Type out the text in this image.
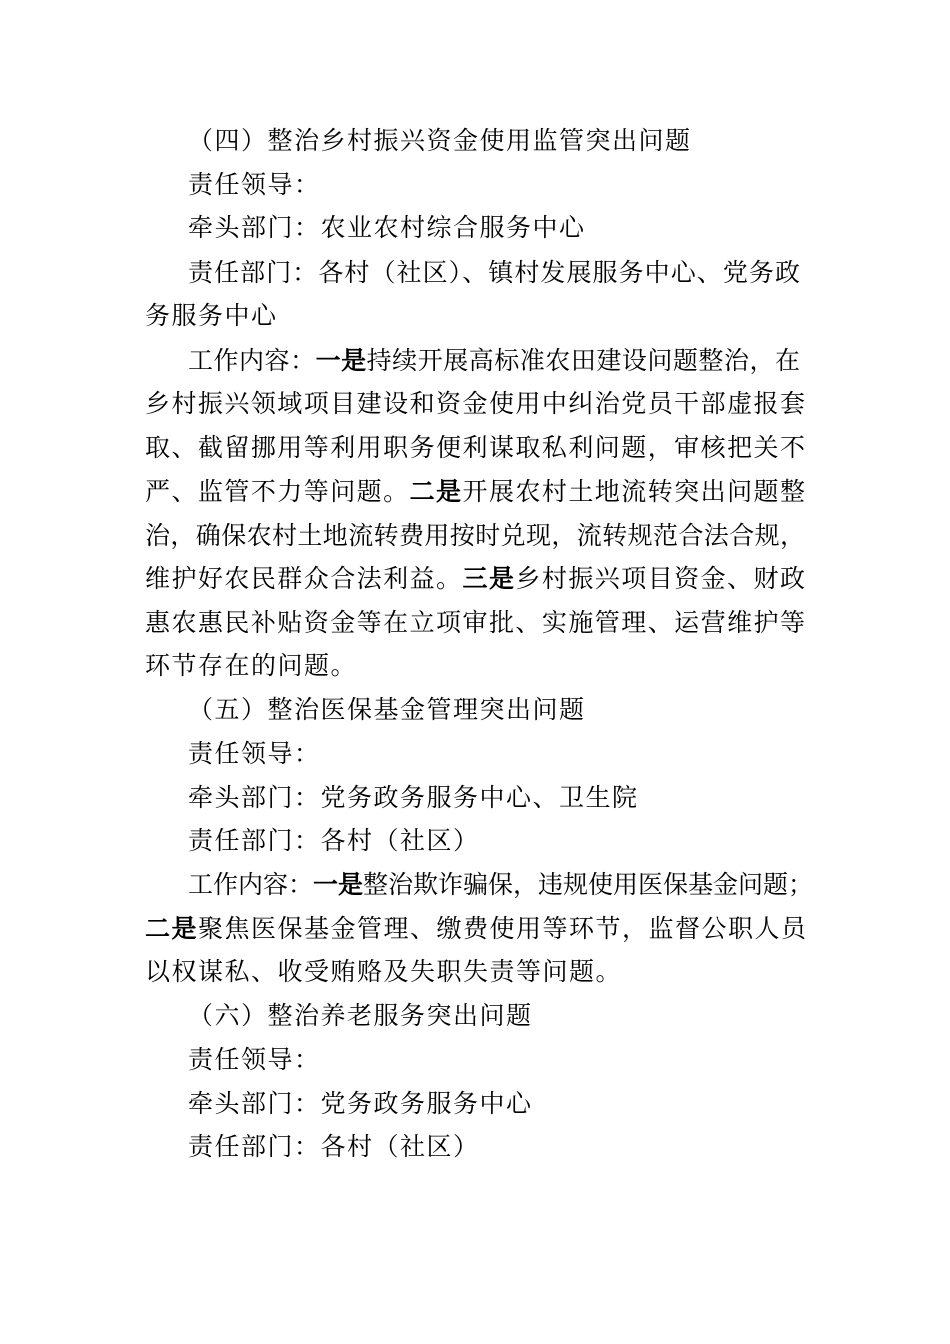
（四）整治乡村振兴资金使用监管突出问题
责任领导：
牵头部门：农业农村综合服务中心
责任部门：各村（社区）、镇村发展服务中心、党务政
务服务中心
工作内容：一是持续开展高标准农田建设问题整治，在
乡村振兴领域项目建设和资金使用中纠治党员干部虚报套
取、截留挪用等利用职务便利谋取私利问题，审核把关不
严、监管不力等问题。二是开展农村土地流转突出问题整
治，确保农村土地流转费用按时兑现，流转规范合法合规，
维护好农民群众合法利益。三是乡村振兴项目资金、财政
惠农惠民补贴资金等在立项审批、实施管理、运营维护等
环节存在的问题。
（五）整治医保基金管理突出问题
责任领导：
牵头部门：党务政务服务中心、卫生院
责任部门：各村（社区）
工作内容：一是整治欺诈骗保，违规使用医保基金问题；
二是聚焦医保基金管理、缴费使用等环节，监督公职人员
以权谋私、收受贿赂及失职失责等问题。
（六）整治养老服务突出问题
责任领导：
牵头部门：党务政务服务中心
责任部门：各村（社区）
